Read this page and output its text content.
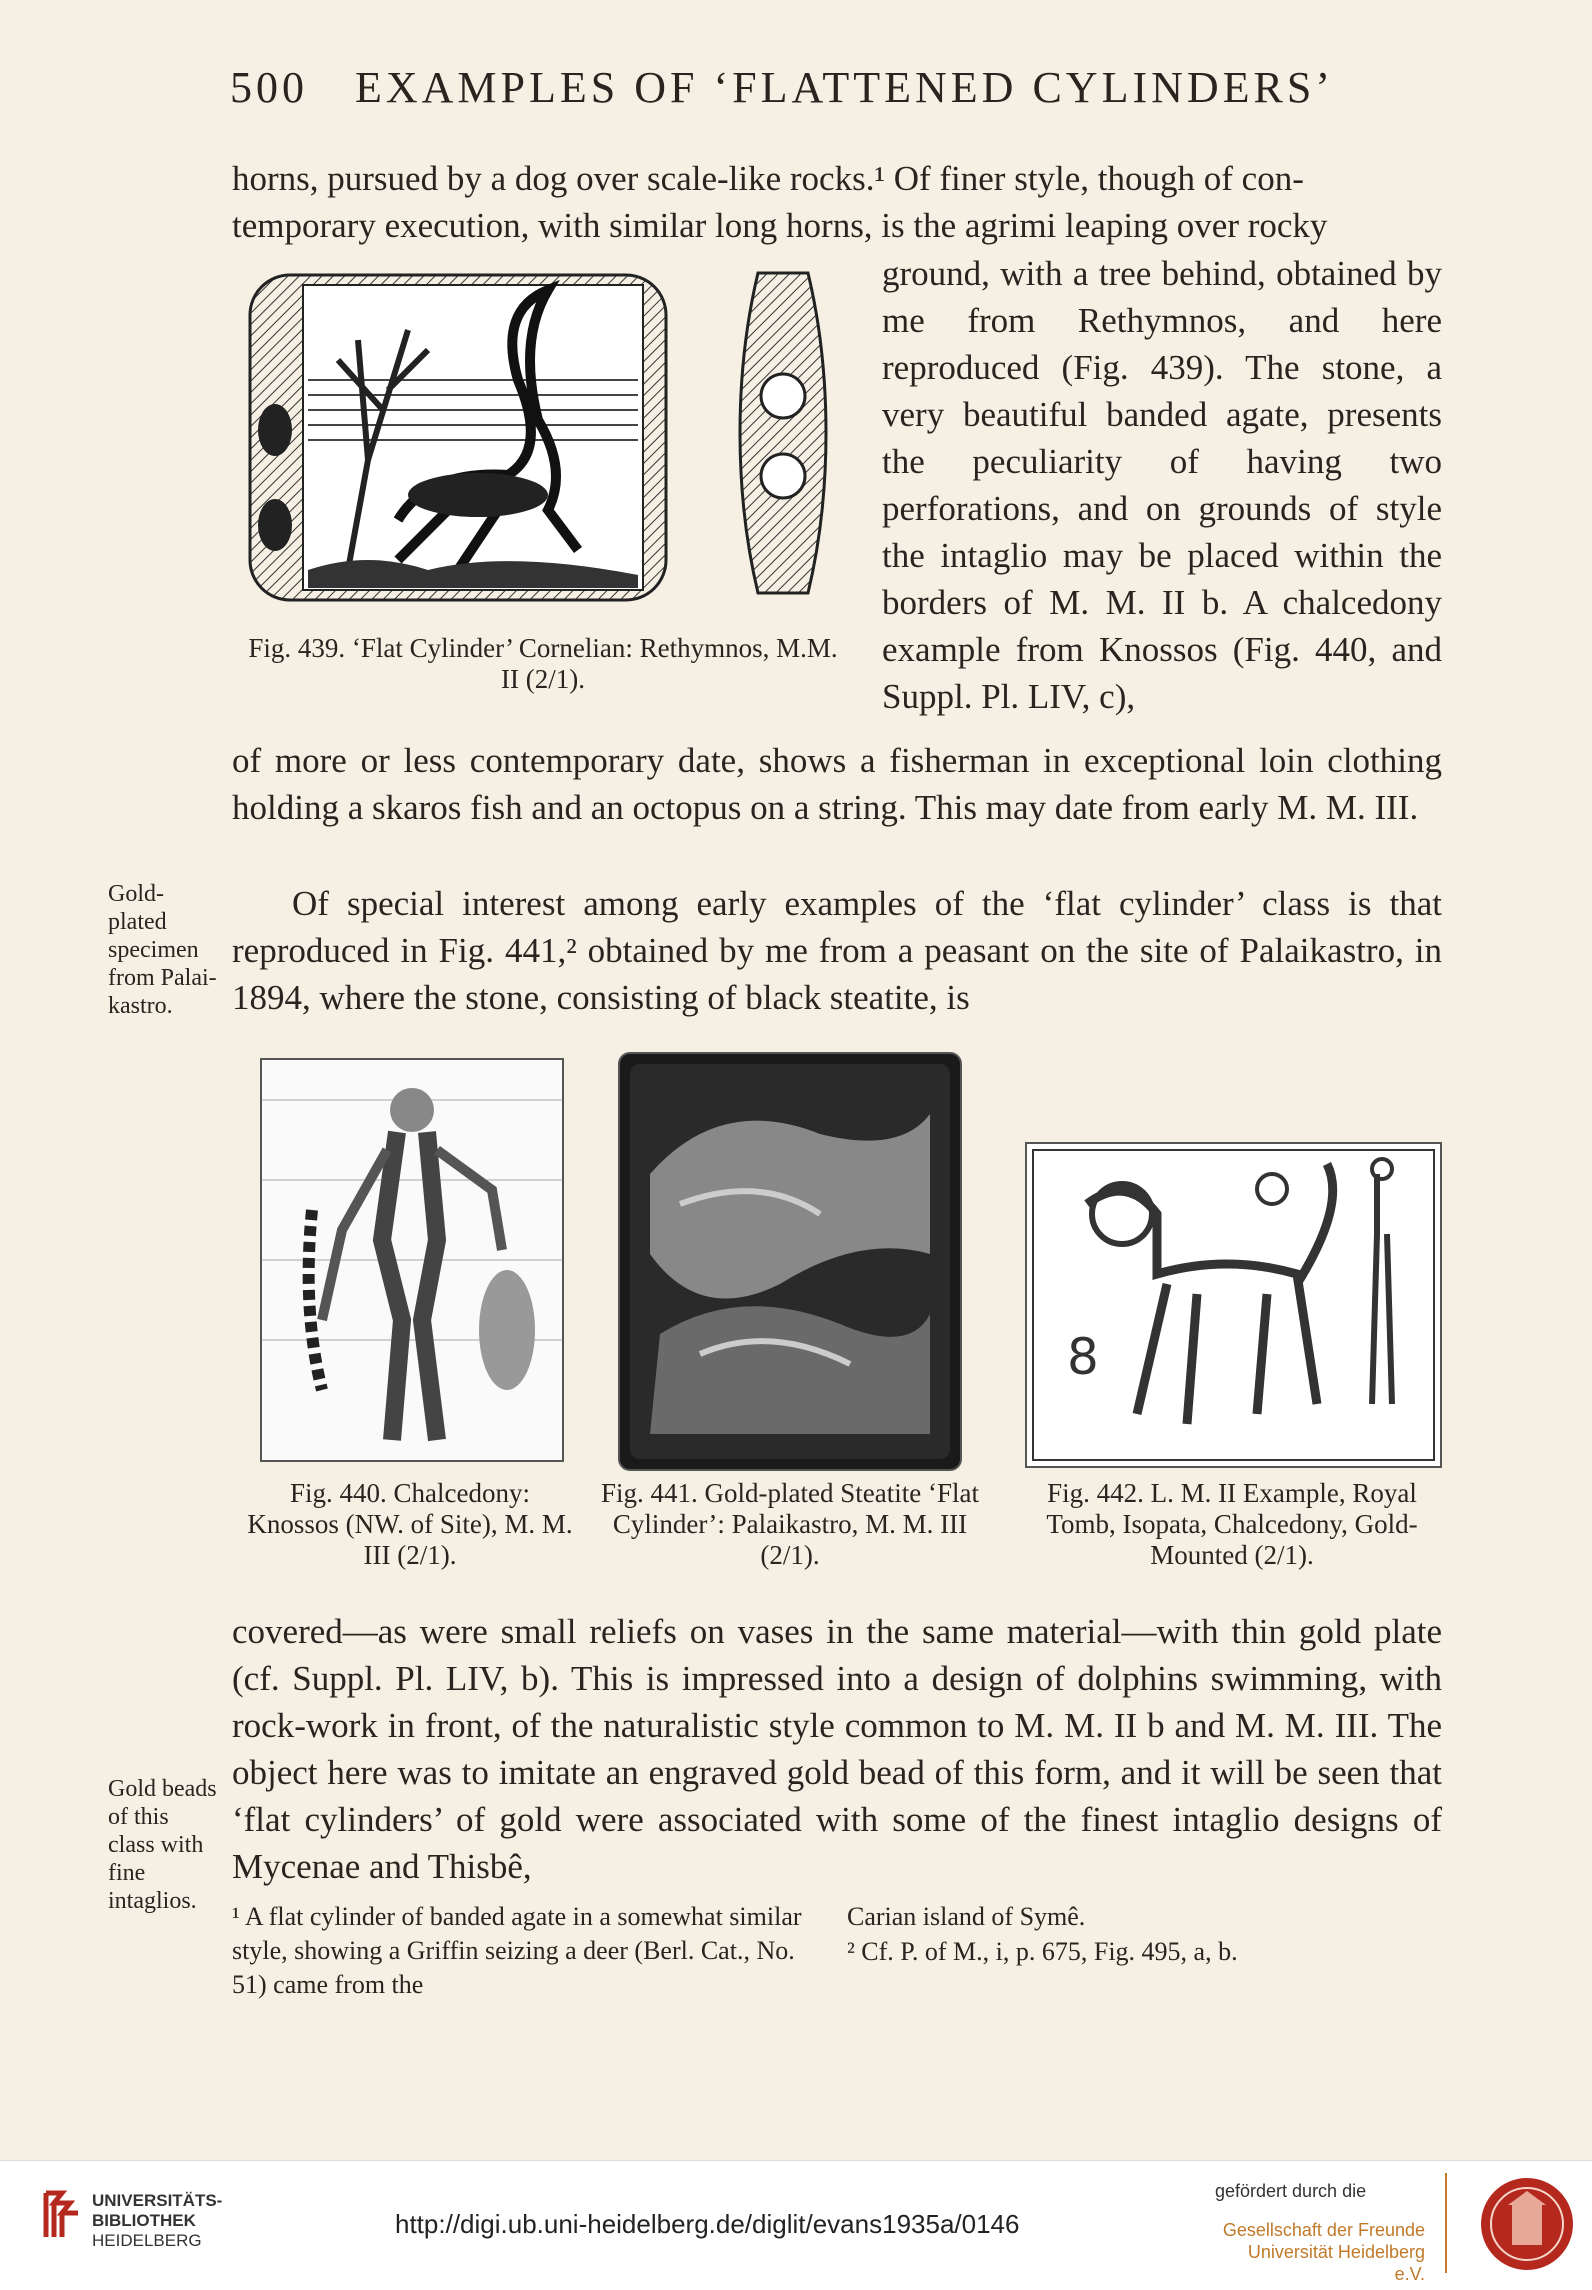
500 EXAMPLES OF ‘FLATTENED CYLINDERS’
horns, pursued by a dog over scale-like rocks.¹ Of finer style, though of con-
temporary execution, with similar long horns, is the agrimi leaping over rocky
Fig. 439. ‘Flat Cylinder’ Cornelian: Rethymnos, M.M. II (2/1).
ground, with a tree behind, obtained by me from Rethymnos, and here reproduced (Fig. 439). The stone, a very beautiful banded agate, presents the peculiarity of having two perforations, and on grounds of style the intaglio may be placed within the borders of M. M. II b. A chalcedony example from Knossos (Fig. 440, and Suppl. Pl. LIV, c),
of more or less contemporary date, shows a fisherman in exceptional loin clothing holding a skaros fish and an octopus on a string. This may date from early M. M. III.
Gold-plated specimen from Palai-kastro.
Of special interest among early examples of the ‘flat cylinder’ class is that reproduced in Fig. 441,² obtained by me from a peasant on the site of Palaikastro, in 1894, where the stone, consisting of black steatite, is
Fig. 440. Chalcedony: Knossos (NW. of Site), M. M. III (2/1).
Fig. 441. Gold-plated Steatite ‘Flat Cylinder’: Palaikastro, M. M. III (2/1).
8
Fig. 442. L. M. II Example, Royal Tomb, Isopata, Chalcedony, Gold-Mounted (2/1).
covered—as were small reliefs on vases in the same material—with thin gold plate (cf. Suppl. Pl. LIV, b). This is impressed into a design of dolphins swimming, with rock-work in front, of the naturalistic style common to M. M. II b and M. M. III. The object here was to imitate an engraved gold bead of this form, and it will be seen that ‘flat cylinders’ of gold were associated with some of the finest intaglio designs of Mycenae and Thisbê,
Gold beads of this class with fine intaglios.
¹ A flat cylinder of banded agate in a somewhat similar style, showing a Griffin seizing a deer (Berl. Cat., No. 51) came from the
Carian island of Symê.
² Cf. P. of M., i, p. 675, Fig. 495, a, b.
UNIVERSITÄTS-
BIBLIOTHEK
HEIDELBERG
http://digi.ub.uni-heidelberg.de/diglit/evans1935a/0146
gefördert durch die
Gesellschaft der Freunde
Universität Heidelberg e.V.
